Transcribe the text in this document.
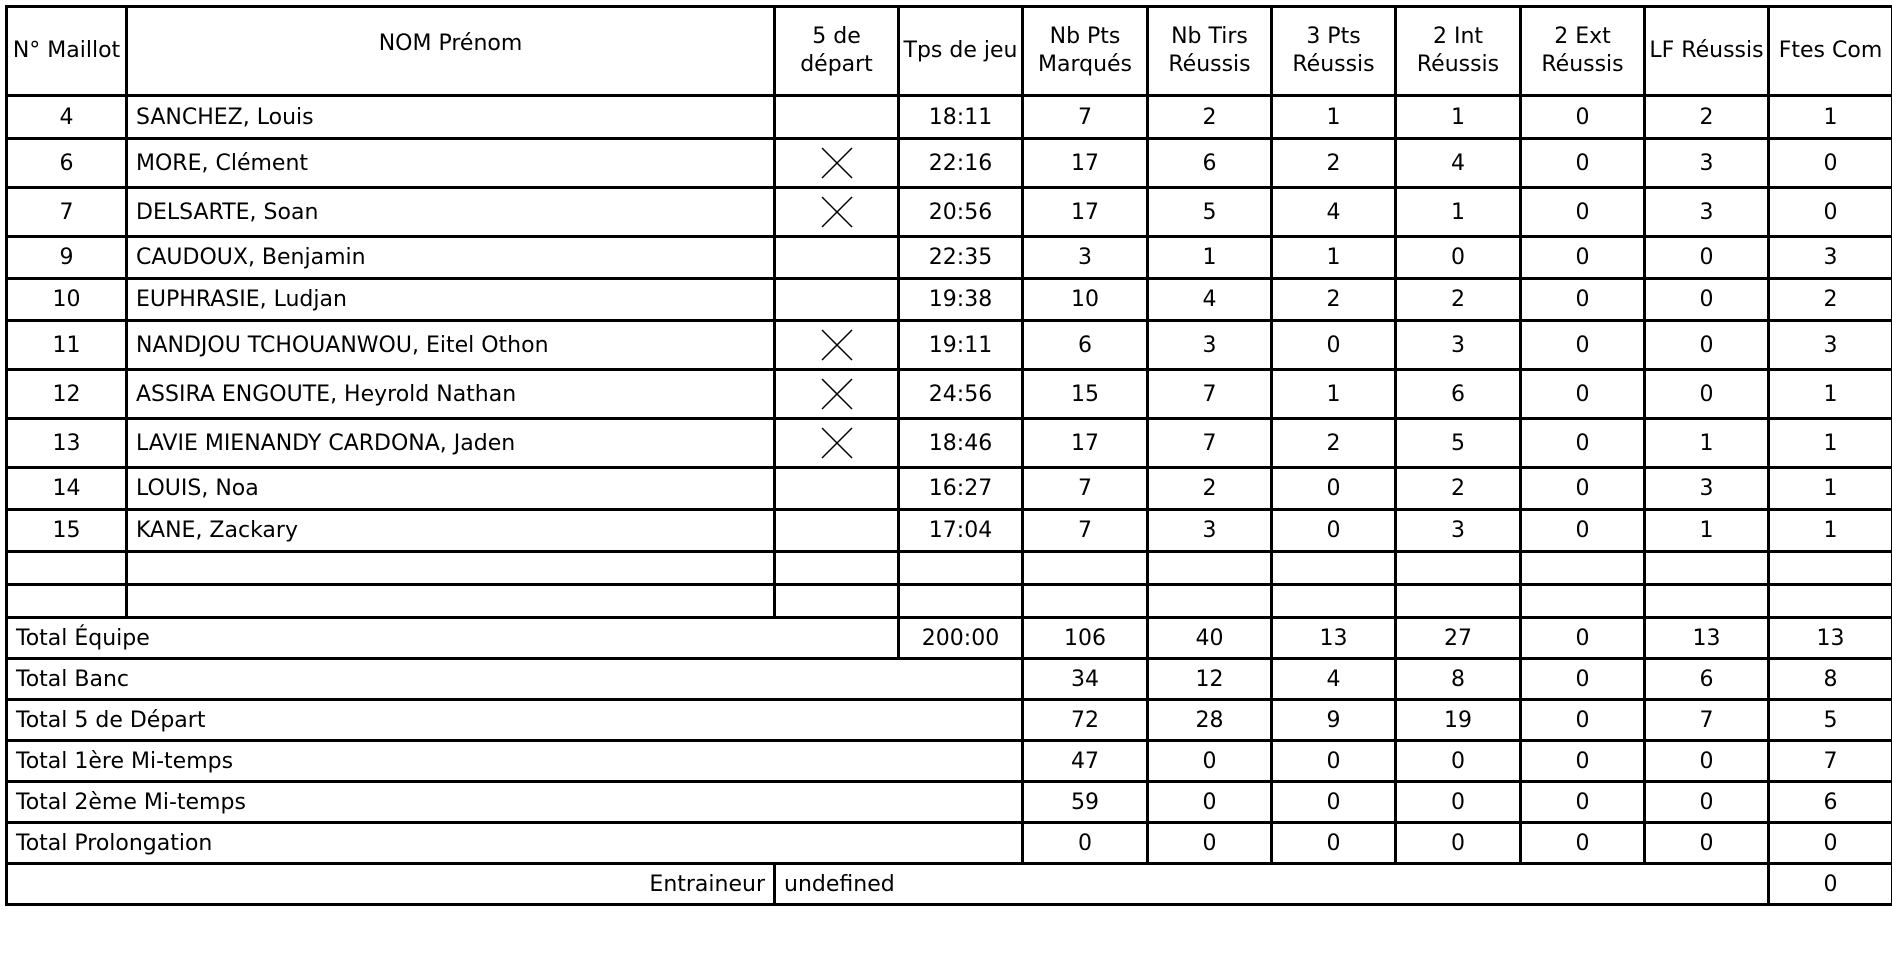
N° Maillot	NOM Prénom	5 de départ	Tps de jeu	Nb Pts Marqués	Nb Tirs Réussis	3 Pts Réussis	2 Int Réussis	2 Ext Réussis	LF Réussis	Ftes Com
4	SANCHEZ, Louis		18:11	7	2	1	1	0	2	1
6	MORE, Clément		22:16	17	6	2	4	0	3	0
7	DELSARTE, Soan		20:56	17	5	4	1	0	3	0
9	CAUDOUX, Benjamin		22:35	3	1	1	0	0	0	3
10	EUPHRASIE, Ludjan		19:38	10	4	2	2	0	0	2
11	NANDJOU TCHOUANWOU, Eitel Othon		19:11	6	3	0	3	0	0	3
12	ASSIRA ENGOUTE, Heyrold Nathan		24:56	15	7	1	6	0	0	1
13	LAVIE MIENANDY CARDONA, Jaden		18:46	17	7	2	5	0	1	1
14	LOUIS, Noa		16:27	7	2	0	2	0	3	1
15	KANE, Zackary		17:04	7	3	0	3	0	1	1

Total Équipe			200:00	106	40	13	27	0	13	13
Total Banc				34	12	4	8	0	6	8
Total 5 de Départ				72	28	9	19	0	7	5
Total 1ère Mi-temps				47	0	0	0	0	0	7
Total 2ème Mi-temps				59	0	0	0	0	0	6
Total Prolongation				0	0	0	0	0	0	0
Entraineur		undefined								0
